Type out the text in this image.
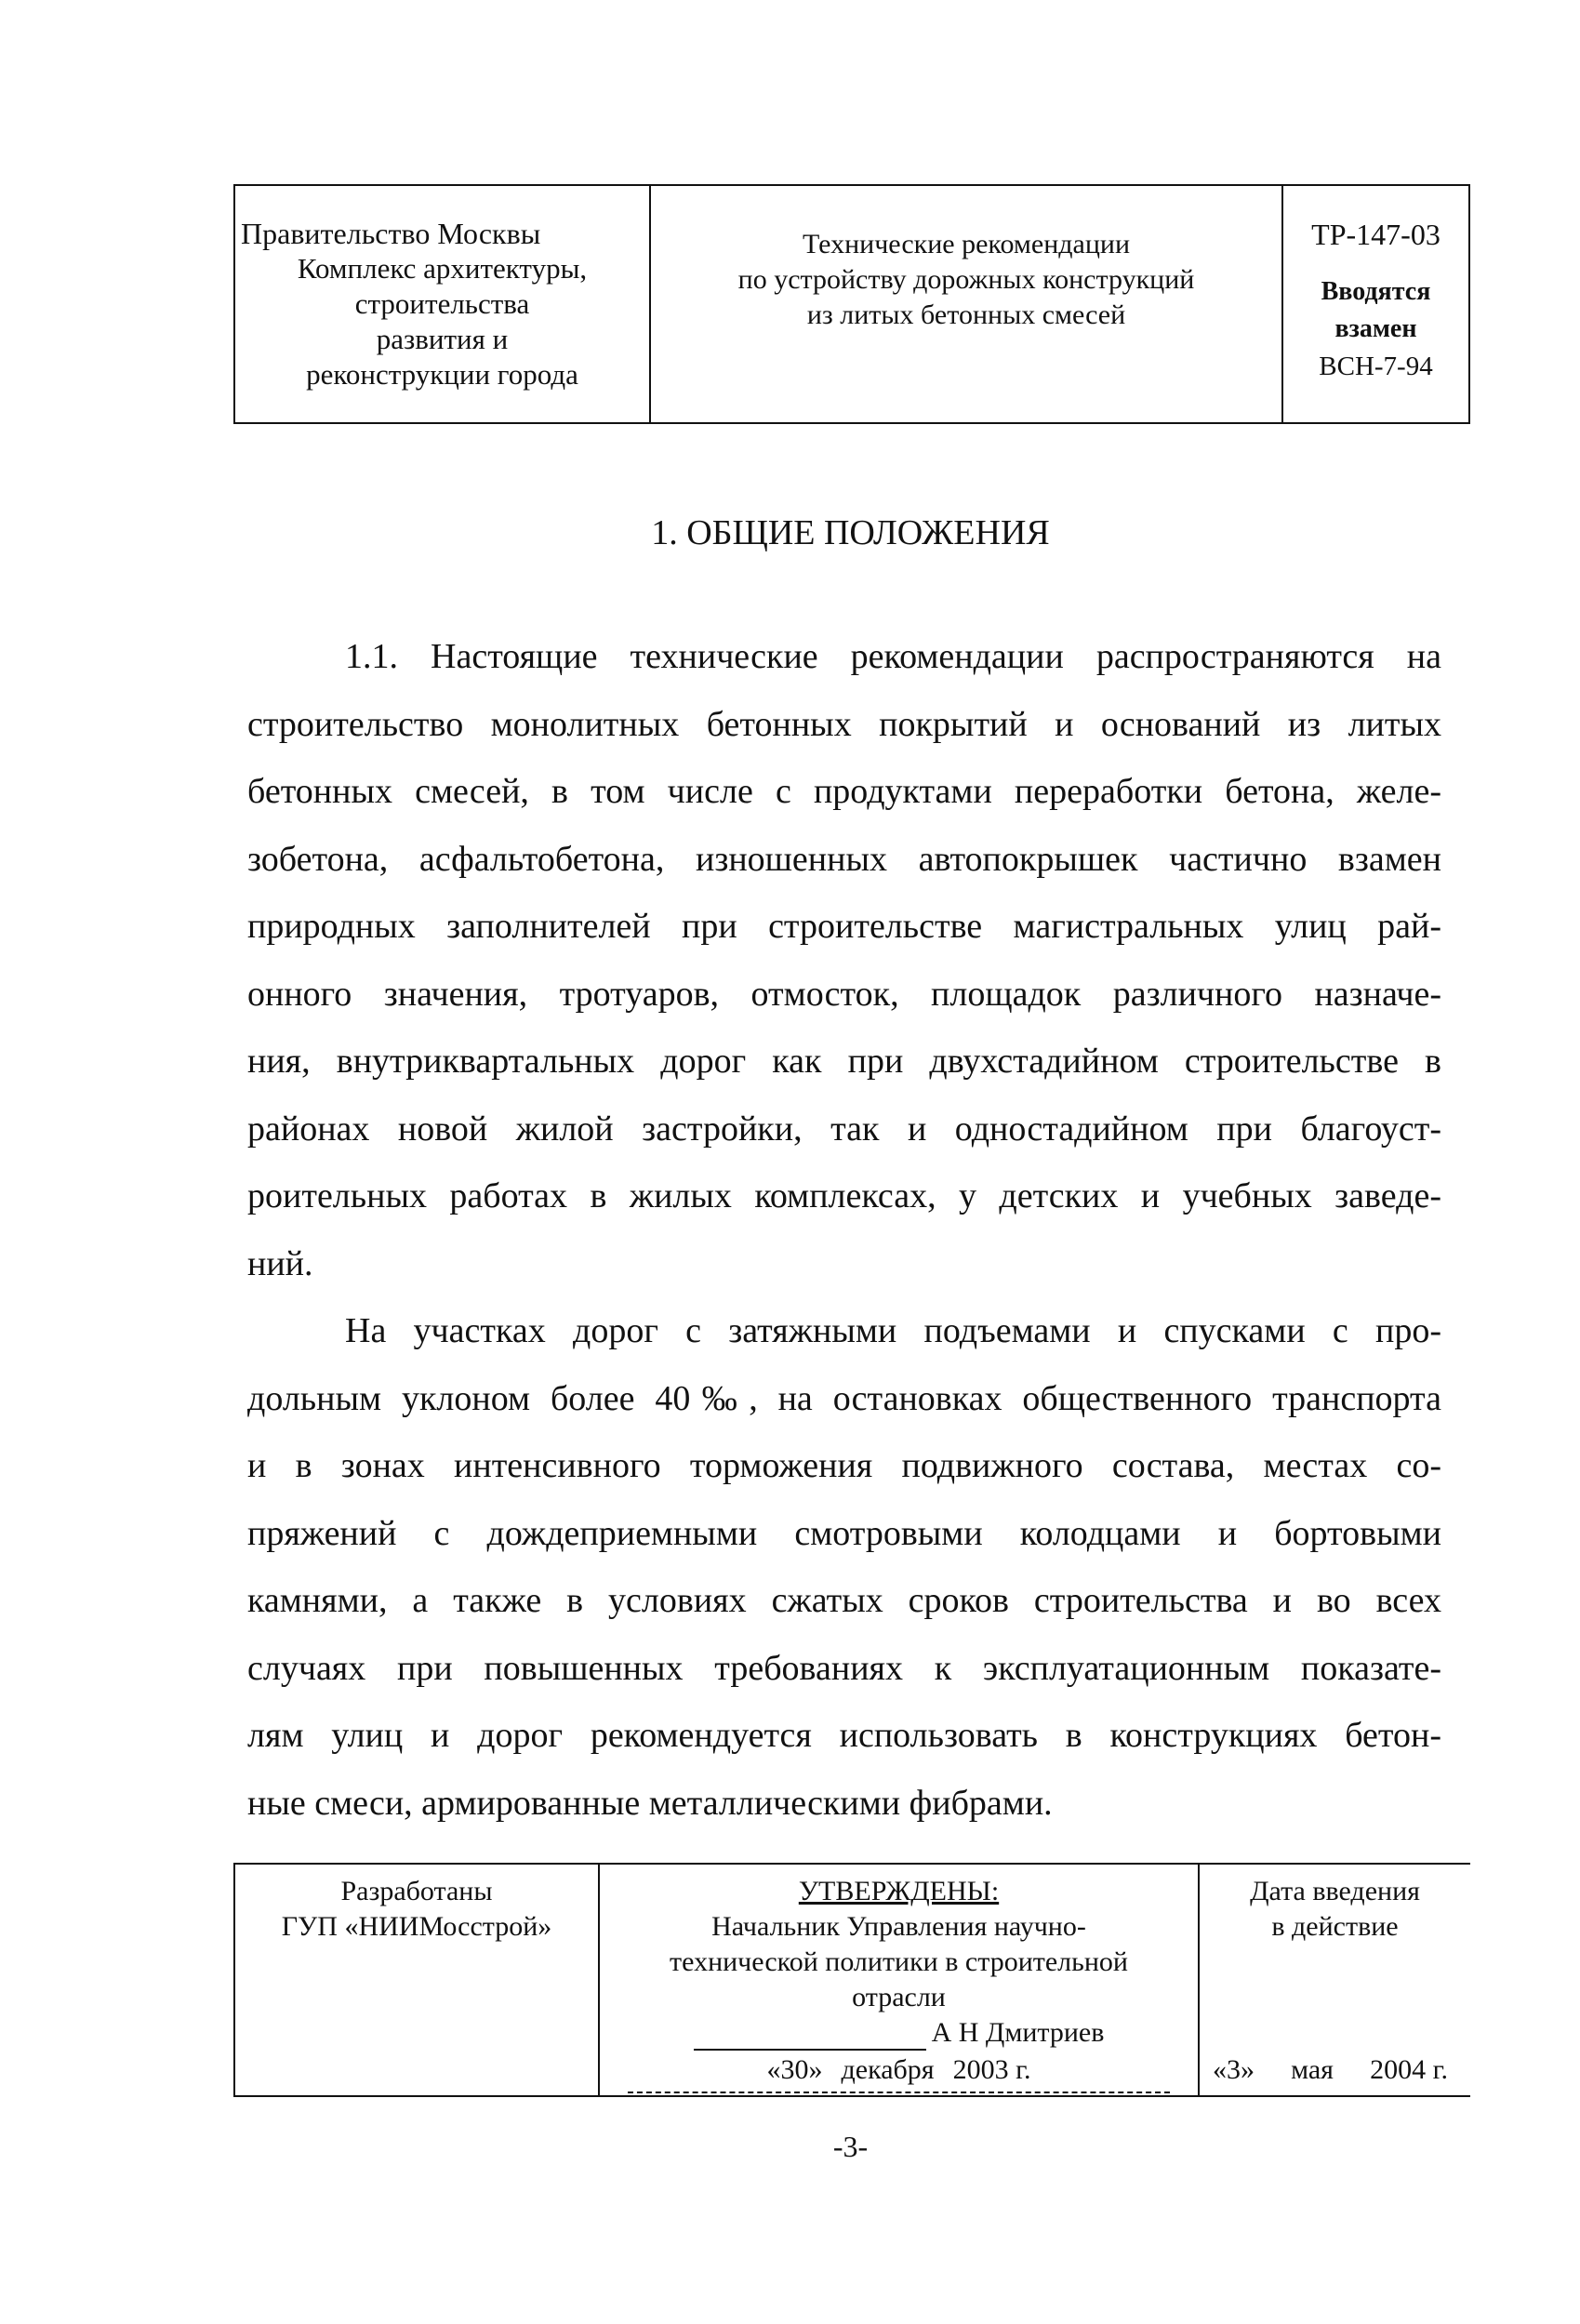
Правительство Москвы
Комплекс архитектуры,
строительства
развития и
реконструкции города
Технические рекомендации
по устройству дорожных конструкций
из литых бетонных смесей
ТР-147-03
Вводятся
взамен
ВСН-7-94
1. ОБЩИЕ ПОЛОЖЕНИЯ
1.1. Настоящие технические рекомендации распространяются на
строительство монолитных бетонных покрытий и оснований из литых
бетонных смесей, в том числе с продуктами переработки бетона, желе-
зобетона, асфальтобетона, изношенных автопокрышек частично взамен
природных заполнителей при строительстве магистральных улиц рай-
онного значения, тротуаров, отмосток, площадок различного назначе-
ния, внутриквартальных дорог как при двухстадийном строительстве в
районах новой жилой застройки, так и одностадийном при благоуст-
роительных работах в жилых комплексах, у детских и учебных заведе-
ний.
На участках дорог с затяжными подъемами и спусками с про-
дольным уклоном более 40‰, на остановках общественного транспорта
и в зонах интенсивного торможения подвижного состава, местах со-
пряжений с дождеприемными смотровыми колодцами и бортовыми
камнями, а также в условиях сжатых сроков строительства и во всех
случаях при повышенных требованиях к эксплуатационным показате-
лям улиц и дорог рекомендуется использовать в конструкциях бетон-
ные смеси, армированные металлическими фибрами.
Разработаны
ГУП «НИИМосстрой»
УТВЕРЖДЕНЫ:
Начальник Управления научно-
технической политики в строительной
отрасли
А Н Дмитриев
«30» декабря 2003 г.
Дата введения
в действие
«3» мая 2004 г.
-3-
